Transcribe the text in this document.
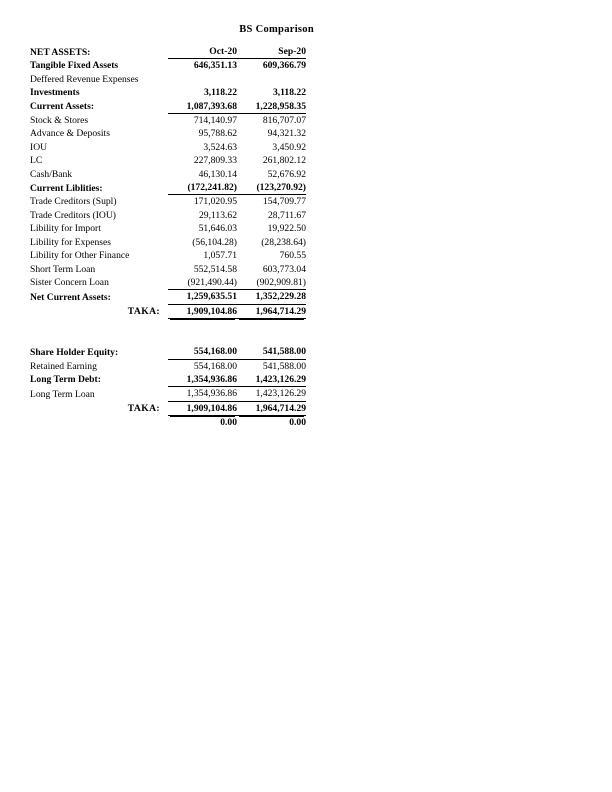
BS Comparison
NET ASSETS:	Oct-20	Sep-20
Tangible Fixed Assets	646,351.13	609,366.79
Deffered Revenue Expenses		
Investments	3,118.22	3,118.22
Current Assets:	1,087,393.68	1,228,958.35
Stock & Stores	714,140.97	816,707.07
Advance & Deposits	95,788.62	94,321.32
IOU	3,524.63	3,450.92
LC	227,809.33	261,802.12
Cash/Bank	46,130.14	52,676.92
Current Liblities:	(172,241.82)	(123,270.92)
Trade Creditors (Supl)	171,020.95	154,709.77
Trade Creditors (IOU)	29,113.62	28,711.67
Libility for Import	51,646.03	19,922.50
Libility for Expenses	(56,104.28)	(28,238.64)
Libility for Other Finance	1,057.71	760.55
Short Term Loan	552,514.58	603,773.04
Sister Concern Loan	(921,490.44)	(902,909.81)
Net Current Assets:	1,259,635.51	1,352,229.28
TAKA:	1,909,104.86	1,964,714.29

Share Holder Equity:	554,168.00	541,588.00
Retained Earning	554,168.00	541,588.00
Long Term Debt:	1,354,936.86	1,423,126.29
Long Term Loan	1,354,936.86	1,423,126.29
TAKA:	1,909,104.86	1,964,714.29
	0.00	0.00
